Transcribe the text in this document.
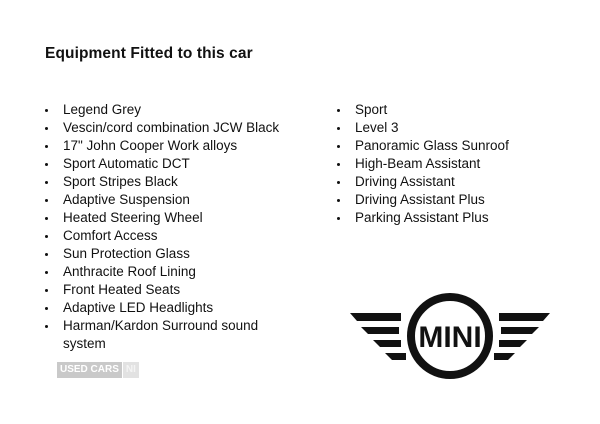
Equipment Fitted to this car
Legend Grey
Vescin/cord combination JCW Black
17" John Cooper Work alloys
Sport Automatic DCT
Sport Stripes Black
Adaptive Suspension
Heated Steering Wheel
Comfort Access
Sun Protection Glass
Anthracite Roof Lining
Front Heated Seats
Adaptive LED Headlights
Harman/Kardon Surround sound system
Sport
Level 3
Panoramic Glass Sunroof
High-Beam Assistant
Driving Assistant
Driving Assistant Plus
Parking Assistant Plus
USED CARS NI
MINI
